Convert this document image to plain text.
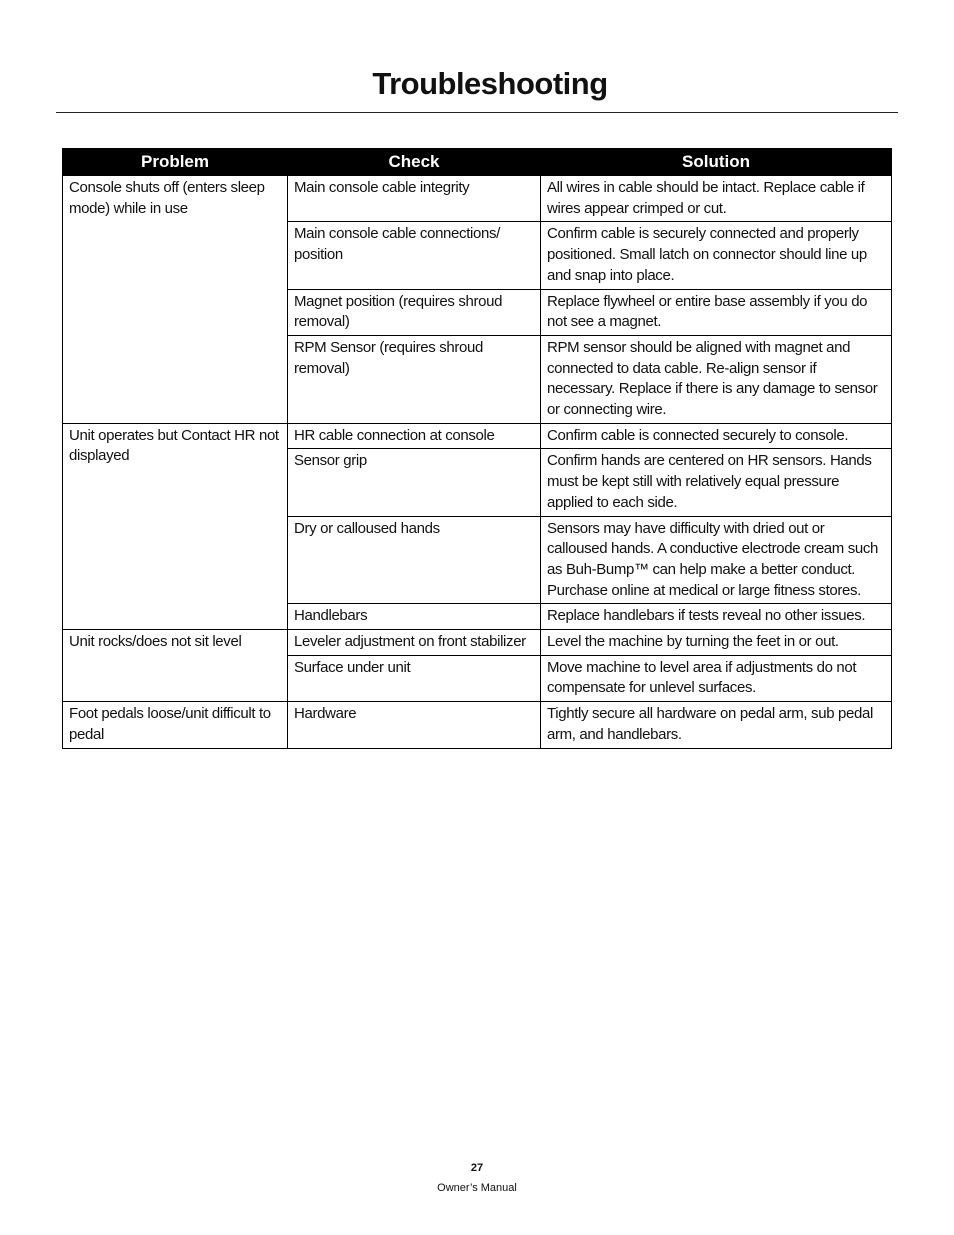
Troubleshooting
Problem	Check	Solution
Console shuts off (enters sleep mode) while in use	Main console cable integrity	All wires in cable should be intact. Replace cable if wires appear crimped or cut.
	Main console cable connections/ position	Confirm cable is securely connected and properly positioned. Small latch on connector should line up and snap into place.
	Magnet position (requires shroud removal)	Replace flywheel or entire base assembly if you do not see a magnet.
	RPM Sensor (requires shroud removal)	RPM sensor should be aligned with magnet and connected to data cable. Re-align sensor if necessary. Replace if there is any damage to sensor or connecting wire.
Unit operates but Contact HR not displayed	HR cable connection at console	Confirm cable is connected securely to console.
	Sensor grip	Confirm hands are centered on HR sensors. Hands must be kept still with relatively equal pressure applied to each side.
	Dry or calloused hands	Sensors may have difficulty with dried out or calloused hands. A conductive electrode cream such as Buh-Bump™ can help make a better conduct. Purchase online at medical or large fitness stores.
	Handlebars	Replace handlebars if tests reveal no other issues.
Unit rocks/does not sit level	Leveler adjustment on front stabilizer	Level the machine by turning the feet in or out.
	Surface under unit	Move machine to level area if adjustments do not compensate for unlevel surfaces.
Foot pedals loose/unit difficult to pedal	Hardware	Tightly secure all hardware on pedal arm, sub pedal arm, and handlebars.
27
Owner’s Manual
